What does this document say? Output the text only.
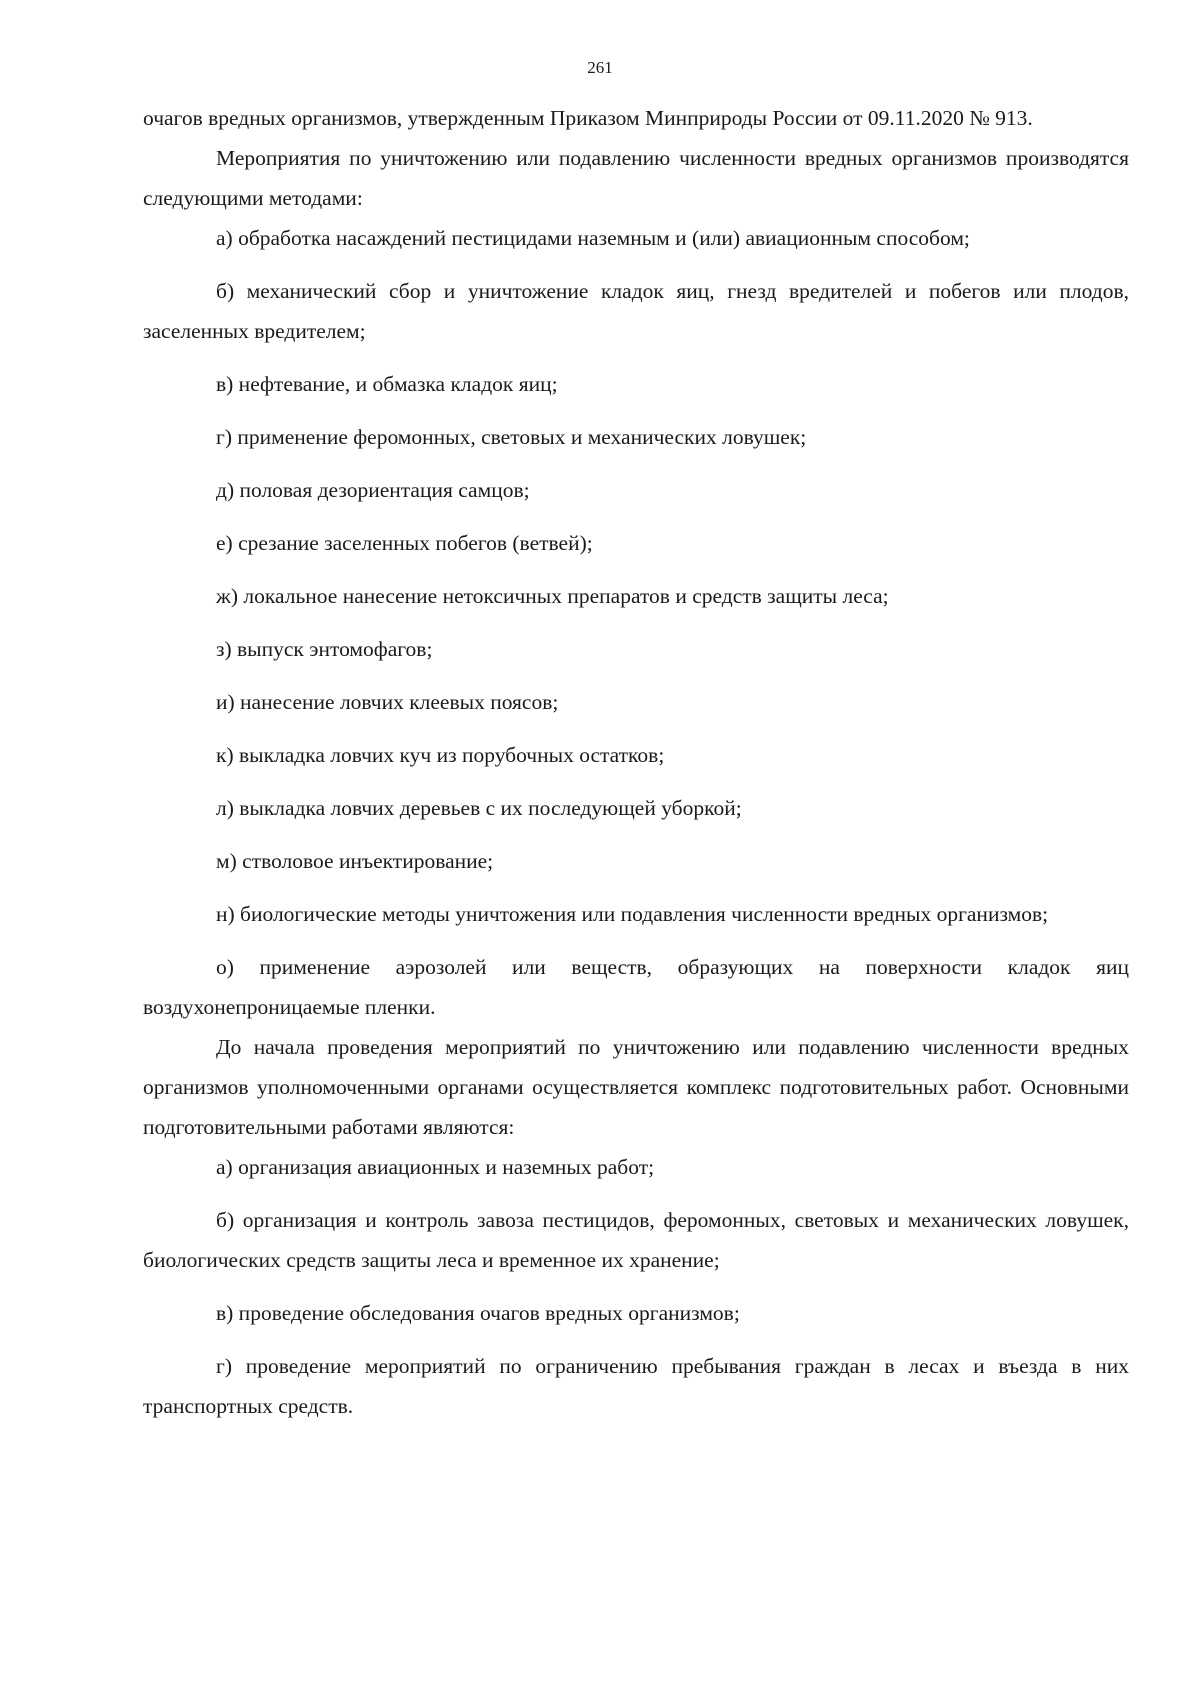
261

очагов вредных организмов, утвержденным Приказом Минприроды России от 09.11.2020 № 913.

Мероприятия по уничтожению или подавлению численности вредных организмов производятся следующими методами:

а) обработка насаждений пестицидами наземным и (или) авиационным способом;

б) механический сбор и уничтожение кладок яиц, гнезд вредителей и побегов или плодов, заселенных вредителем;

в) нефтевание, и обмазка кладок яиц;

г) применение феромонных, световых и механических ловушек;

д) половая дезориентация самцов;

е) срезание заселенных побегов (ветвей);

ж) локальное нанесение нетоксичных препаратов и средств защиты леса;

з) выпуск энтомофагов;

и) нанесение ловчих клеевых поясов;

к) выкладка ловчих куч из порубочных остатков;

л) выкладка ловчих деревьев с их последующей уборкой;

м) стволовое инъектирование;

н) биологические методы уничтожения или подавления численности вредных организмов;

о) применение аэрозолей или веществ, образующих на поверхности кладок яиц воздухонепроницаемые пленки.

До начала проведения мероприятий по уничтожению или подавлению численности вредных организмов уполномоченными органами осуществляется комплекс подготовительных работ. Основными подготовительными работами являются:

а) организация авиационных и наземных работ;

б) организация и контроль завоза пестицидов, феромонных, световых и механических ловушек, биологических средств защиты леса и временное их хранение;

в) проведение обследования очагов вредных организмов;

г) проведение мероприятий по ограничению пребывания граждан в лесах и въезда в них транспортных средств.
